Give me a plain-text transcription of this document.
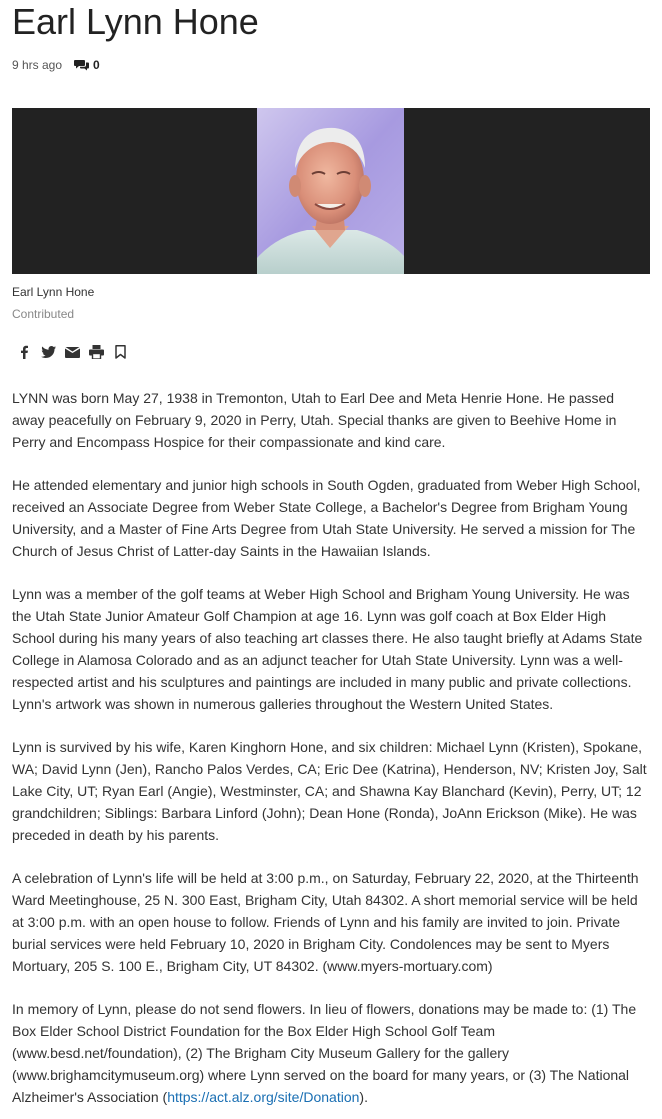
Earl Lynn Hone
9 hrs ago	0
Earl Lynn Hone
Contributed

LYNN was born May 27, 1938 in Tremonton, Utah to Earl Dee and Meta Henrie Hone. He passed away peacefully on February 9, 2020 in Perry, Utah. Special thanks are given to Beehive Home in Perry and Encompass Hospice for their compassionate and kind care.

He attended elementary and junior high schools in South Ogden, graduated from Weber High School, received an Associate Degree from Weber State College, a Bachelor's Degree from Brigham Young University, and a Master of Fine Arts Degree from Utah State University. He served a mission for The Church of Jesus Christ of Latter-day Saints in the Hawaiian Islands.

Lynn was a member of the golf teams at Weber High School and Brigham Young University. He was the Utah State Junior Amateur Golf Champion at age 16. Lynn was golf coach at Box Elder High School during his many years of also teaching art classes there. He also taught briefly at Adams State College in Alamosa Colorado and as an adjunct teacher for Utah State University. Lynn was a well-respected artist and his sculptures and paintings are included in many public and private collections. Lynn's artwork was shown in numerous galleries throughout the Western United States.

Lynn is survived by his wife, Karen Kinghorn Hone, and six children: Michael Lynn (Kristen), Spokane, WA; David Lynn (Jen), Rancho Palos Verdes, CA; Eric Dee (Katrina), Henderson, NV; Kristen Joy, Salt Lake City, UT; Ryan Earl (Angie), Westminster, CA; and Shawna Kay Blanchard (Kevin), Perry, UT; 12 grandchildren; Siblings: Barbara Linford (John); Dean Hone (Ronda), JoAnn Erickson (Mike). He was preceded in death by his parents.

A celebration of Lynn's life will be held at 3:00 p.m., on Saturday, February 22, 2020, at the Thirteenth Ward Meetinghouse, 25 N. 300 East, Brigham City, Utah 84302. A short memorial service will be held at 3:00 p.m. with an open house to follow. Friends of Lynn and his family are invited to join. Private burial services were held February 10, 2020 in Brigham City. Condolences may be sent to Myers Mortuary, 205 S. 100 E., Brigham City, UT 84302. (www.myers-mortuary.com)

In memory of Lynn, please do not send flowers. In lieu of flowers, donations may be made to: (1) The Box Elder School District Foundation for the Box Elder High School Golf Team (www.besd.net/foundation), (2) The Brigham City Museum Gallery for the gallery (www.brighamcitymuseum.org) where Lynn served on the board for many years, or (3) The National Alzheimer's Association (https://act.alz.org/site/Donation).
